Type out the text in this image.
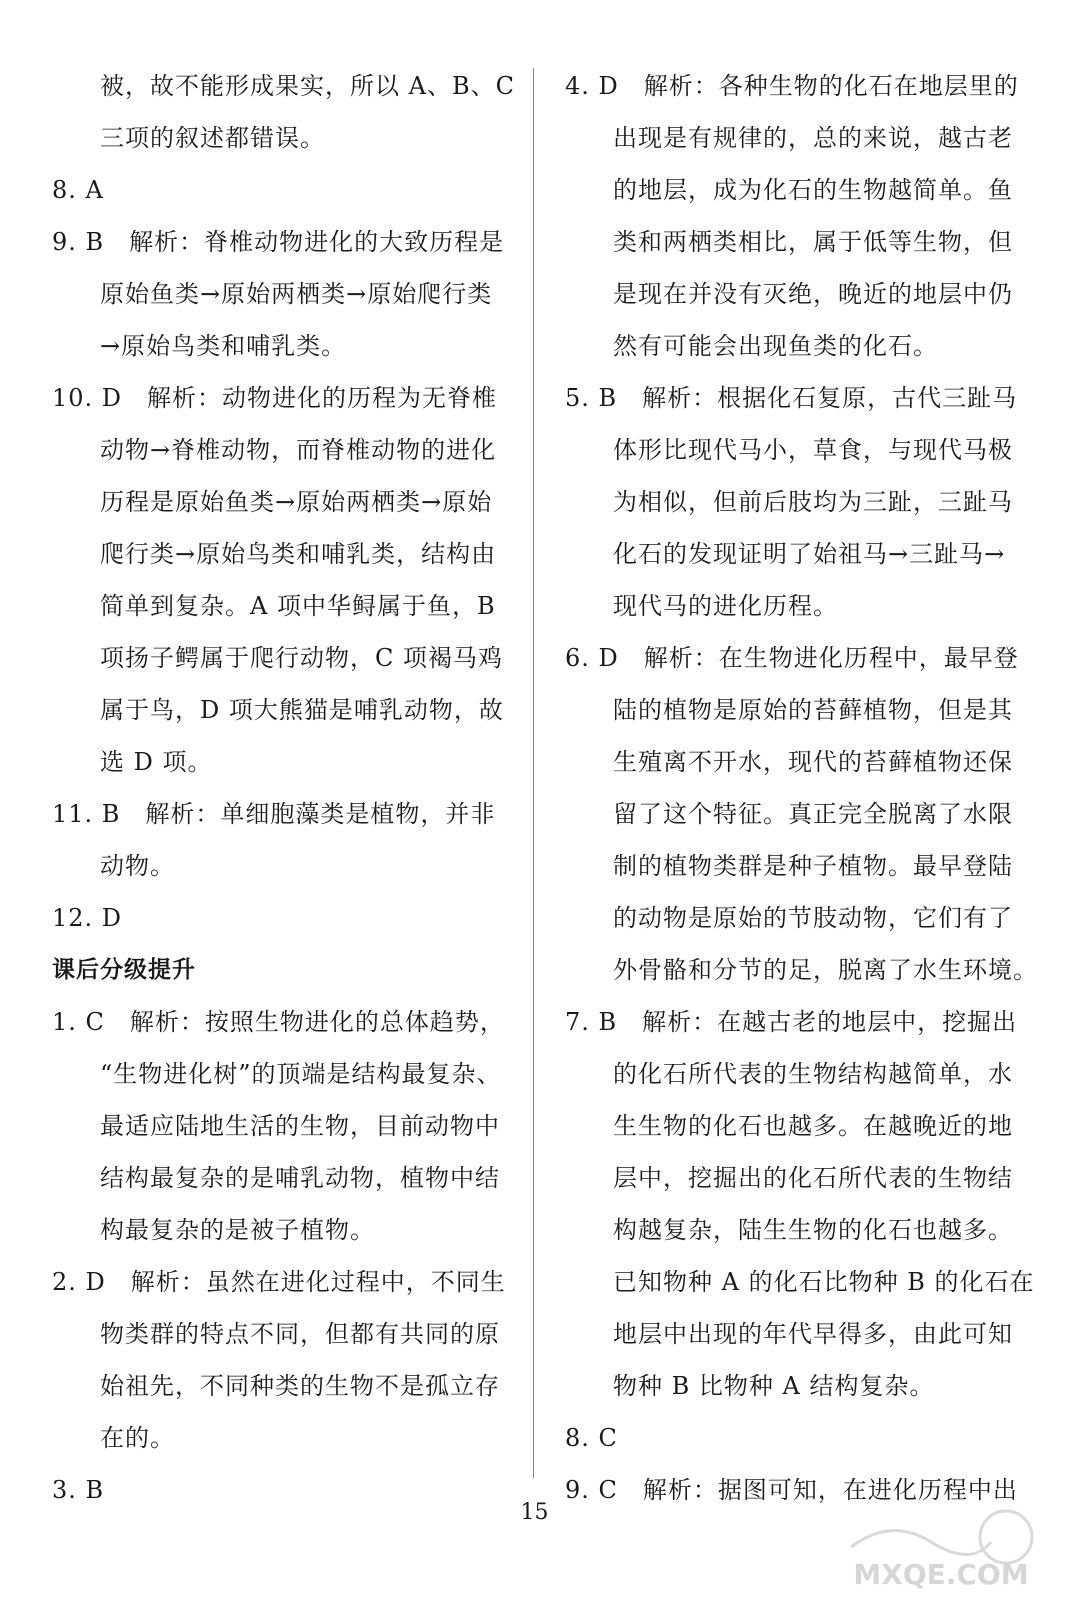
被，故不能形成果实，所以 A、B、C
三项的叙述都错误。
8. A
9. B　解析：脊椎动物进化的大致历程是
原始鱼类→原始两栖类→原始爬行类
→原始鸟类和哺乳类。
10. D　解析：动物进化的历程为无脊椎
动物→脊椎动物，而脊椎动物的进化
历程是原始鱼类→原始两栖类→原始
爬行类→原始鸟类和哺乳类，结构由
简单到复杂。A 项中华鲟属于鱼，B
项扬子鳄属于爬行动物，C 项褐马鸡
属于鸟，D 项大熊猫是哺乳动物，故
选 D 项。
11. B　解析：单细胞藻类是植物，并非
动物。
12. D
课后分级提升
1. C　解析：按照生物进化的总体趋势，
“生物进化树”的顶端是结构最复杂、
最适应陆地生活的生物，目前动物中
结构最复杂的是哺乳动物，植物中结
构最复杂的是被子植物。
2. D　解析：虽然在进化过程中，不同生
物类群的特点不同，但都有共同的原
始祖先，不同种类的生物不是孤立存
在的。
3. B
4. D　解析：各种生物的化石在地层里的
出现是有规律的，总的来说，越古老
的地层，成为化石的生物越简单。鱼
类和两栖类相比，属于低等生物，但
是现在并没有灭绝，晚近的地层中仍
然有可能会出现鱼类的化石。
5. B　解析：根据化石复原，古代三趾马
体形比现代马小，草食，与现代马极
为相似，但前后肢均为三趾，三趾马
化石的发现证明了始祖马→三趾马→
现代马的进化历程。
6. D　解析：在生物进化历程中，最早登
陆的植物是原始的苔藓植物，但是其
生殖离不开水，现代的苔藓植物还保
留了这个特征。真正完全脱离了水限
制的植物类群是种子植物。最早登陆
的动物是原始的节肢动物，它们有了
外骨骼和分节的足，脱离了水生环境。
7. B　解析：在越古老的地层中，挖掘出
的化石所代表的生物结构越简单，水
生生物的化石也越多。在越晚近的地
层中，挖掘出的化石所代表的生物结
构越复杂，陆生生物的化石也越多。
已知物种 A 的化石比物种 B 的化石在
地层中出现的年代早得多，由此可知
物种 B 比物种 A 结构复杂。
8. C
9. C　解析：据图可知，在进化历程中出
15
MXQE.COM
